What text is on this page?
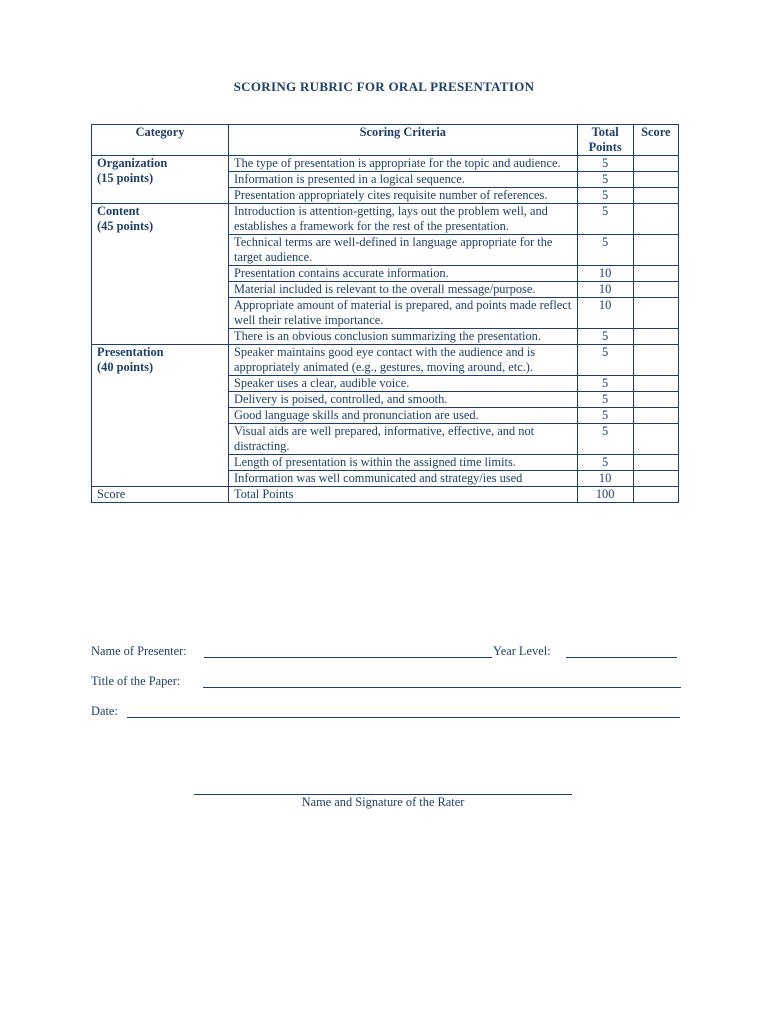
SCORING RUBRIC FOR ORAL PRESENTATION
Category	Scoring Criteria	Total Points	Score

Organization
(15 points)	The type of presentation is appropriate for the topic and audience.	5	
	Information is presented in a logical sequence.	5	
	Presentation appropriately cites requisite number of references.	5	

Content
(45 points)	Introduction is attention-getting, lays out the problem well, and establishes a framework for the rest of the presentation.	5	
	Technical terms are well-defined in language appropriate for the target audience.	5	
	Presentation contains accurate information.	10	
	Material included is relevant to the overall message/purpose.	10	
	Appropriate amount of material is prepared, and points made reflect well their relative importance.	10	
	There is an obvious conclusion summarizing the presentation.	5	

Presentation
(40 points)	Speaker maintains good eye contact with the audience and is appropriately animated (e.g., gestures, moving around, etc.).	5	
	Speaker uses a clear, audible voice.	5	
	Delivery is poised, controlled, and smooth.	5	
	Good language skills and pronunciation are used.	5	
	Visual aids are well prepared, informative, effective, and not distracting.	5	
	Length of presentation is within the assigned time limits.	5	
	Information was well communicated and strategy/ies used	10	
Score	Total Points	100	
Name of Presenter:	Year Level:
Title of the Paper:
Date:
Name and Signature of the Rater
